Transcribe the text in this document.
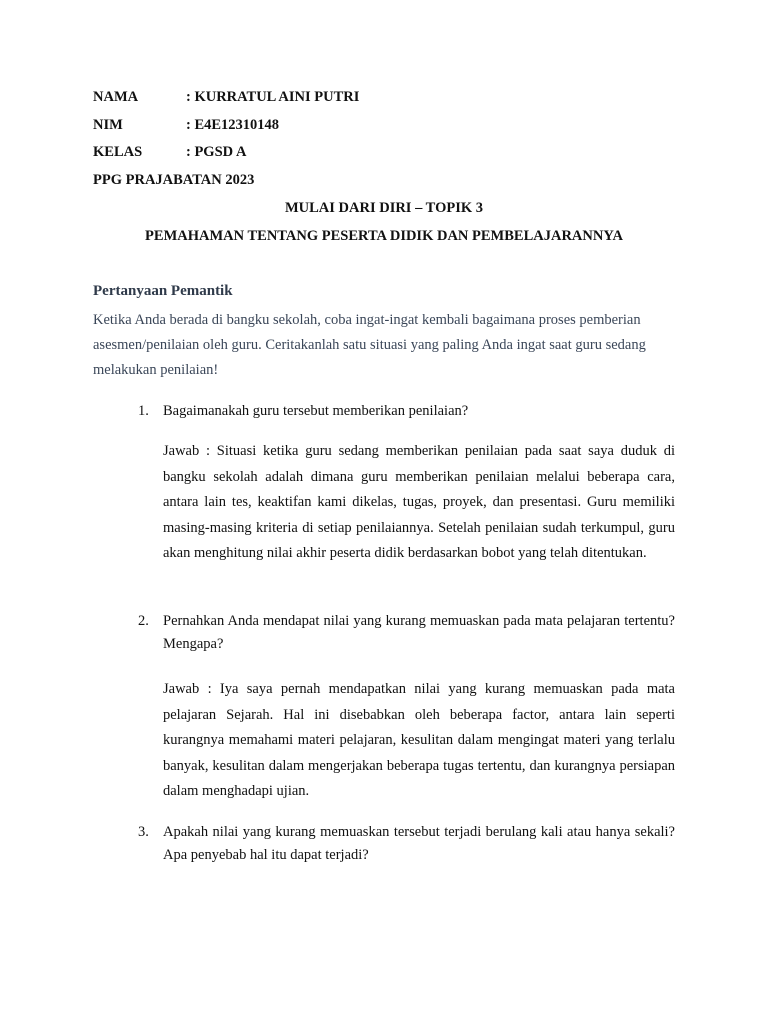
NAMA	: KURRATUL AINI PUTRI
NIM	: E4E12310148
KELAS	: PGSD A
PPG PRAJABATAN 2023
MULAI DARI DIRI – TOPIK 3
PEMAHAMAN TENTANG PESERTA DIDIK DAN PEMBELAJARANNYA
Pertanyaan Pemantik
Ketika Anda berada di bangku sekolah, coba ingat-ingat kembali bagaimana proses pemberian asesmen/penilaian oleh guru. Ceritakanlah satu situasi yang paling Anda ingat saat guru sedang melakukan penilaian!
1. Bagaimanakah guru tersebut memberikan penilaian?
Jawab : Situasi ketika guru sedang memberikan penilaian pada saat saya duduk di bangku sekolah adalah dimana guru memberikan penilaian melalui beberapa cara, antara lain tes, keaktifan kami dikelas, tugas, proyek, dan presentasi. Guru memiliki masing-masing kriteria di setiap penilaiannya. Setelah penilaian sudah terkumpul, guru akan menghitung nilai akhir peserta didik berdasarkan bobot yang telah ditentukan.
2. Pernahkan Anda mendapat nilai yang kurang memuaskan pada mata pelajaran tertentu? Mengapa?
Jawab : Iya saya pernah mendapatkan nilai yang kurang memuaskan pada mata pelajaran Sejarah. Hal ini disebabkan oleh beberapa factor, antara lain seperti kurangnya memahami materi pelajaran, kesulitan dalam mengingat materi yang terlalu banyak, kesulitan dalam mengerjakan beberapa tugas tertentu, dan kurangnya persiapan dalam menghadapi ujian.
3. Apakah nilai yang kurang memuaskan tersebut terjadi berulang kali atau hanya sekali? Apa penyebab hal itu dapat terjadi?
